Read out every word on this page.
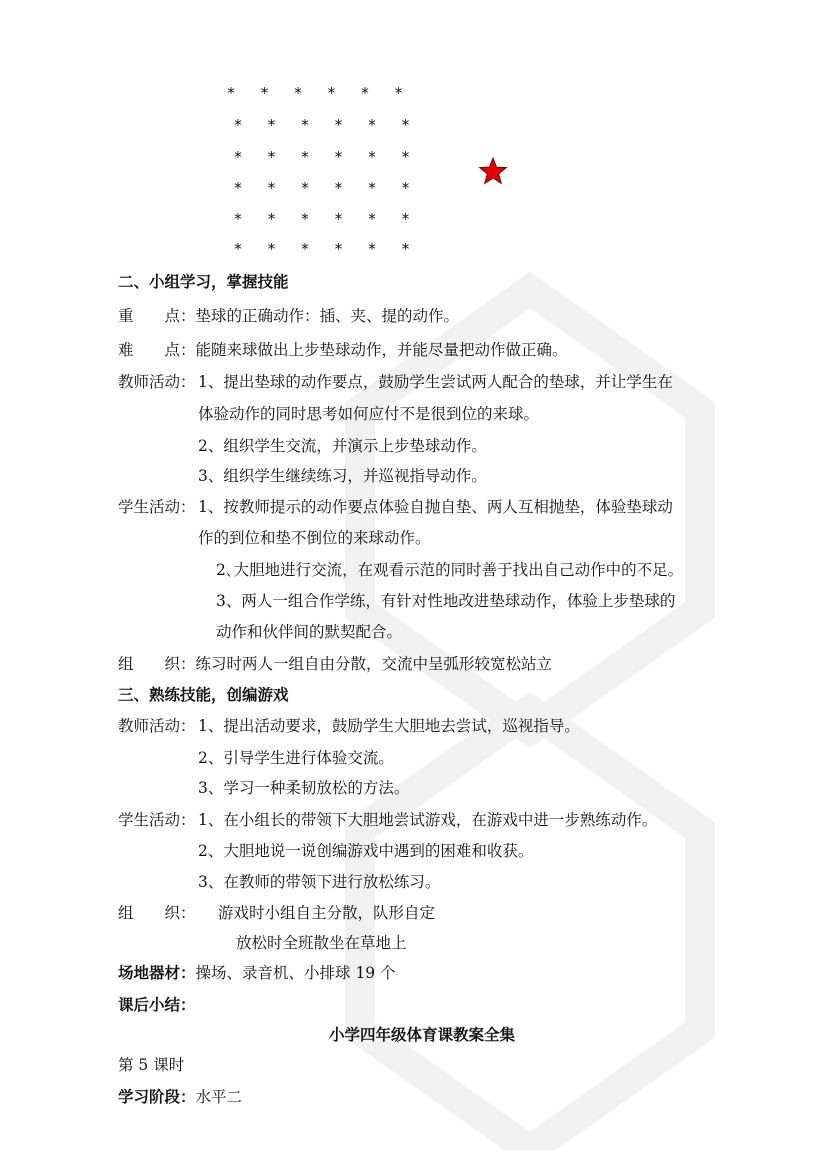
* * * * * *
* * * * * *
* * * * * *
* * * * * *
* * * * * *
* * * * * *
二、小组学习，掌握技能
重　　点：垫球的正确动作：插、夹、提的动作。
难　　点：能随来球做出上步垫球动作，并能尽量把动作做正确。
教师活动： 1、提出垫球的动作要点，鼓励学生尝试两人配合的垫球，并让学生在
体验动作的同时思考如何应付不是很到位的来球。
2、组织学生交流，并演示上步垫球动作。
3、组织学生继续练习，并巡视指导动作。
学生活动： 1、按教师提示的动作要点体验自抛自垫、两人互相抛垫，体验垫球动
作的到位和垫不倒位的来球动作。
2､大胆地进行交流，在观看示范的同时善于找出自己动作中的不足。
3、两人一组合作学练，有针对性地改进垫球动作，体验上步垫球的
动作和伙伴间的默契配合。
组　　织：练习时两人一组自由分散，交流中呈弧形较宽松站立
三、熟练技能，创编游戏
教师活动： 1、提出活动要求，鼓励学生大胆地去尝试，巡视指导。
2、引导学生进行体验交流。
3、学习一种柔韧放松的方法。
学生活动： 1、在小组长的带领下大胆地尝试游戏，在游戏中进一步熟练动作。
2、大胆地说一说创编游戏中遇到的困难和收获。
3、在教师的带领下进行放松练习。
组　　织： 游戏时小组自主分散，队形自定
放松时全班散坐在草地上
场地器材：操场、录音机、小排球 19 个
课后小结：
小学四年级体育课教案全集
第 5 课时
学习阶段：水平二
